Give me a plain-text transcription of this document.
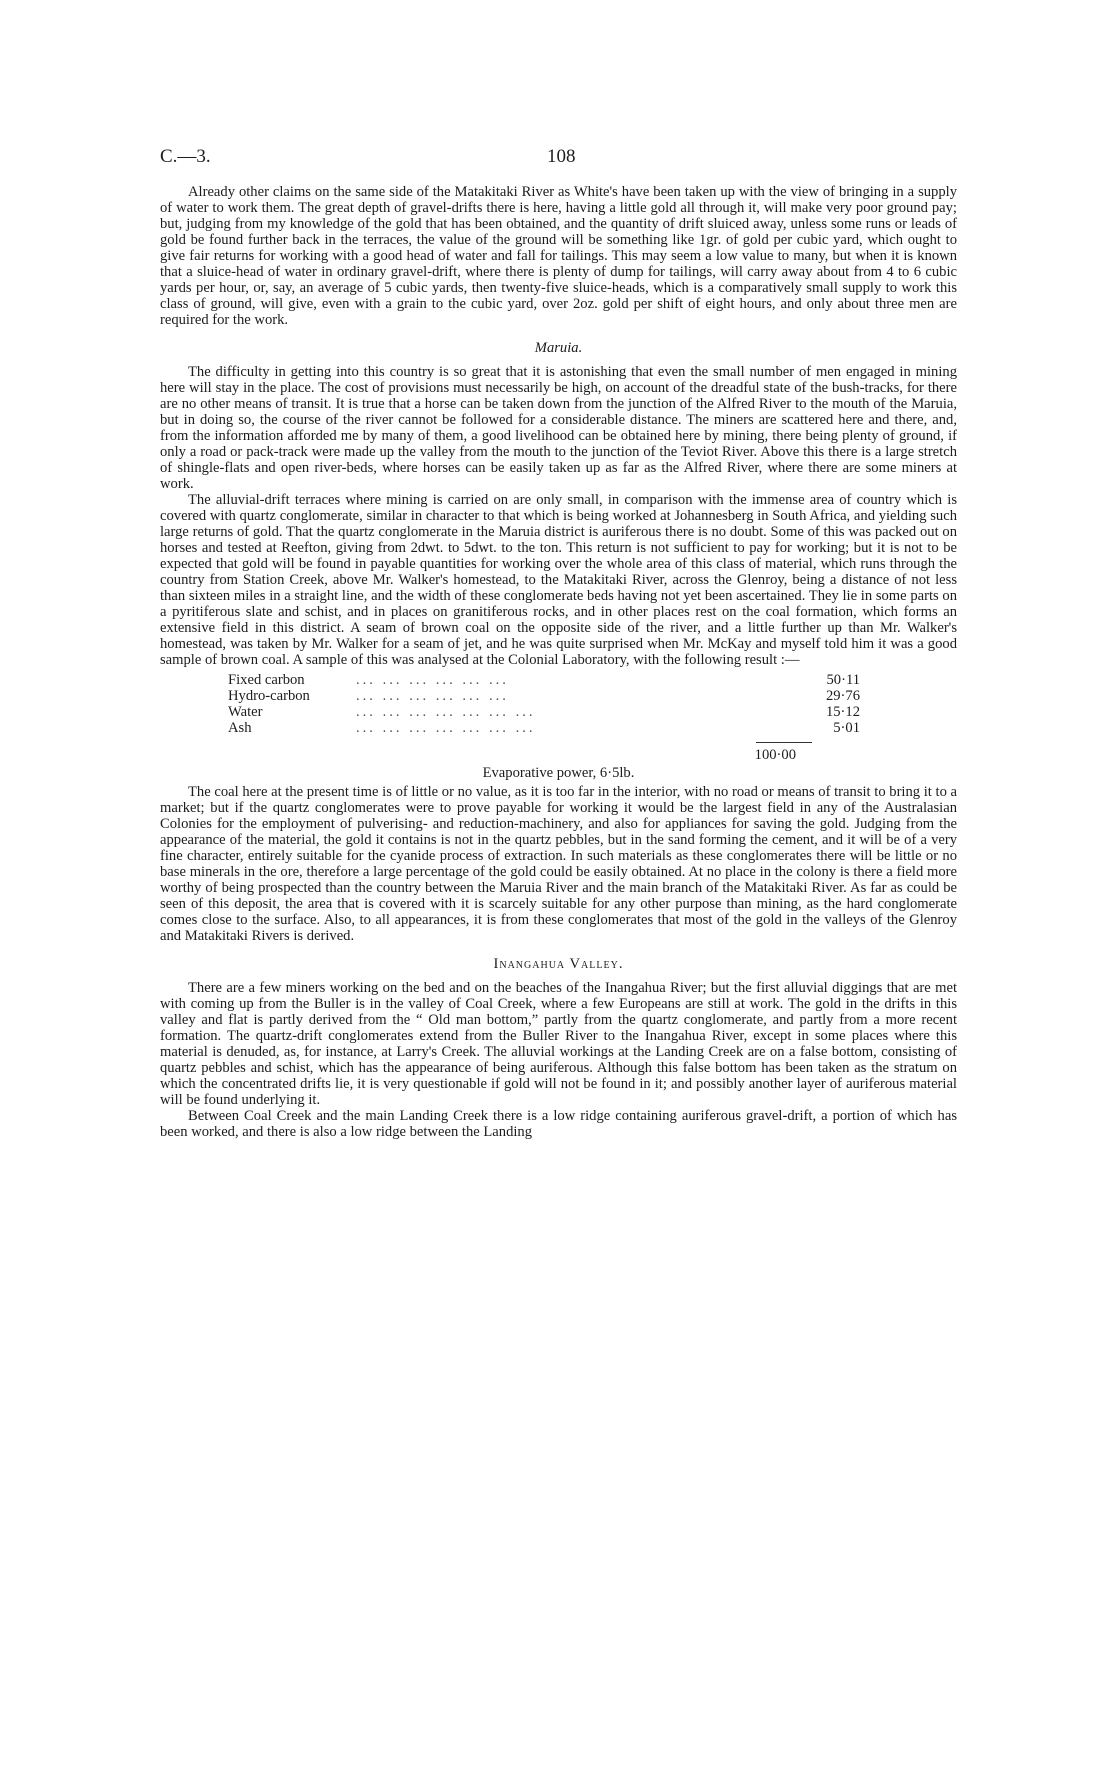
C.—3.	108

Already other claims on the same side of the Matakitaki River as White's have been taken up with the view of bringing in a supply of water to work them. The great depth of gravel-drifts there is here, having a little gold all through it, will make very poor ground pay; but, judging from my knowledge of the gold that has been obtained, and the quantity of drift sluiced away, unless some runs or leads of gold be found further back in the terraces, the value of the ground will be something like 1gr. of gold per cubic yard, which ought to give fair returns for working with a good head of water and fall for tailings. This may seem a low value to many, but when it is known that a sluice-head of water in ordinary gravel-drift, where there is plenty of dump for tailings, will carry away about from 4 to 6 cubic yards per hour, or, say, an average of 5 cubic yards, then twenty-five sluice-heads, which is a comparatively small supply to work this class of ground, will give, even with a grain to the cubic yard, over 2oz. gold per shift of eight hours, and only about three men are required for the work.

Maruia.

The difficulty in getting into this country is so great that it is astonishing that even the small number of men engaged in mining here will stay in the place. The cost of provisions must necessarily be high, on account of the dreadful state of the bush-tracks, for there are no other means of transit. It is true that a horse can be taken down from the junction of the Alfred River to the mouth of the Maruia, but in doing so, the course of the river cannot be followed for a considerable distance. The miners are scattered here and there, and, from the information afforded me by many of them, a good livelihood can be obtained here by mining, there being plenty of ground, if only a road or pack-track were made up the valley from the mouth to the junction of the Teviot River. Above this there is a large stretch of shingle-flats and open river-beds, where horses can be easily taken up as far as the Alfred River, where there are some miners at work.

The alluvial-drift terraces where mining is carried on are only small, in comparison with the immense area of country which is covered with quartz conglomerate, similar in character to that which is being worked at Johannesberg in South Africa, and yielding such large returns of gold. That the quartz conglomerate in the Maruia district is auriferous there is no doubt. Some of this was packed out on horses and tested at Reefton, giving from 2dwt. to 5dwt. to the ton. This return is not sufficient to pay for working; but it is not to be expected that gold will be found in payable quantities for working over the whole area of this class of material, which runs through the country from Station Creek, above Mr. Walker's homestead, to the Matakitaki River, across the Glenroy, being a distance of not less than sixteen miles in a straight line, and the width of these conglomerate beds having not yet been ascertained. They lie in some parts on a pyritiferous slate and schist, and in places on granitiferous rocks, and in other places rest on the coal formation, which forms an extensive field in this district. A seam of brown coal on the opposite side of the river, and a little further up than Mr. Walker's homestead, was taken by Mr. Walker for a seam of jet, and he was quite surprised when Mr. McKay and myself told him it was a good sample of brown coal. A sample of this was analysed at the Colonial Laboratory, with the following result :—

Fixed carbon	... ... ... ... ... ...	50·11
Hydro-carbon	... ... ... ... ... ...	29·76
Water	... ... ... ... ... ... ...	15·12
Ash	... ... ... ... ... ... ...	5·01
100·00
Evaporative power, 6·5lb.

The coal here at the present time is of little or no value, as it is too far in the interior, with no road or means of transit to bring it to a market; but if the quartz conglomerates were to prove payable for working it would be the largest field in any of the Australasian Colonies for the employment of pulverising- and reduction-machinery, and also for appliances for saving the gold. Judging from the appearance of the material, the gold it contains is not in the quartz pebbles, but in the sand forming the cement, and it will be of a very fine character, entirely suitable for the cyanide process of extraction. In such materials as these conglomerates there will be little or no base minerals in the ore, therefore a large percentage of the gold could be easily obtained. At no place in the colony is there a field more worthy of being prospected than the country between the Maruia River and the main branch of the Matakitaki River. As far as could be seen of this deposit, the area that is covered with it is scarcely suitable for any other purpose than mining, as the hard conglomerate comes close to the surface. Also, to all appearances, it is from these conglomerates that most of the gold in the valleys of the Glenroy and Matakitaki Rivers is derived.

Inangahua Valley.

There are a few miners working on the bed and on the beaches of the Inangahua River; but the first alluvial diggings that are met with coming up from the Buller is in the valley of Coal Creek, where a few Europeans are still at work. The gold in the drifts in this valley and flat is partly derived from the “ Old man bottom,” partly from the quartz conglomerate, and partly from a more recent formation. The quartz-drift conglomerates extend from the Buller River to the Inangahua River, except in some places where this material is denuded, as, for instance, at Larry's Creek. The alluvial workings at the Landing Creek are on a false bottom, consisting of quartz pebbles and schist, which has the appearance of being auriferous. Although this false bottom has been taken as the stratum on which the concentrated drifts lie, it is very questionable if gold will not be found in it; and possibly another layer of auriferous material will be found underlying it.

Between Coal Creek and the main Landing Creek there is a low ridge containing auriferous gravel-drift, a portion of which has been worked, and there is also a low ridge between the Landing
